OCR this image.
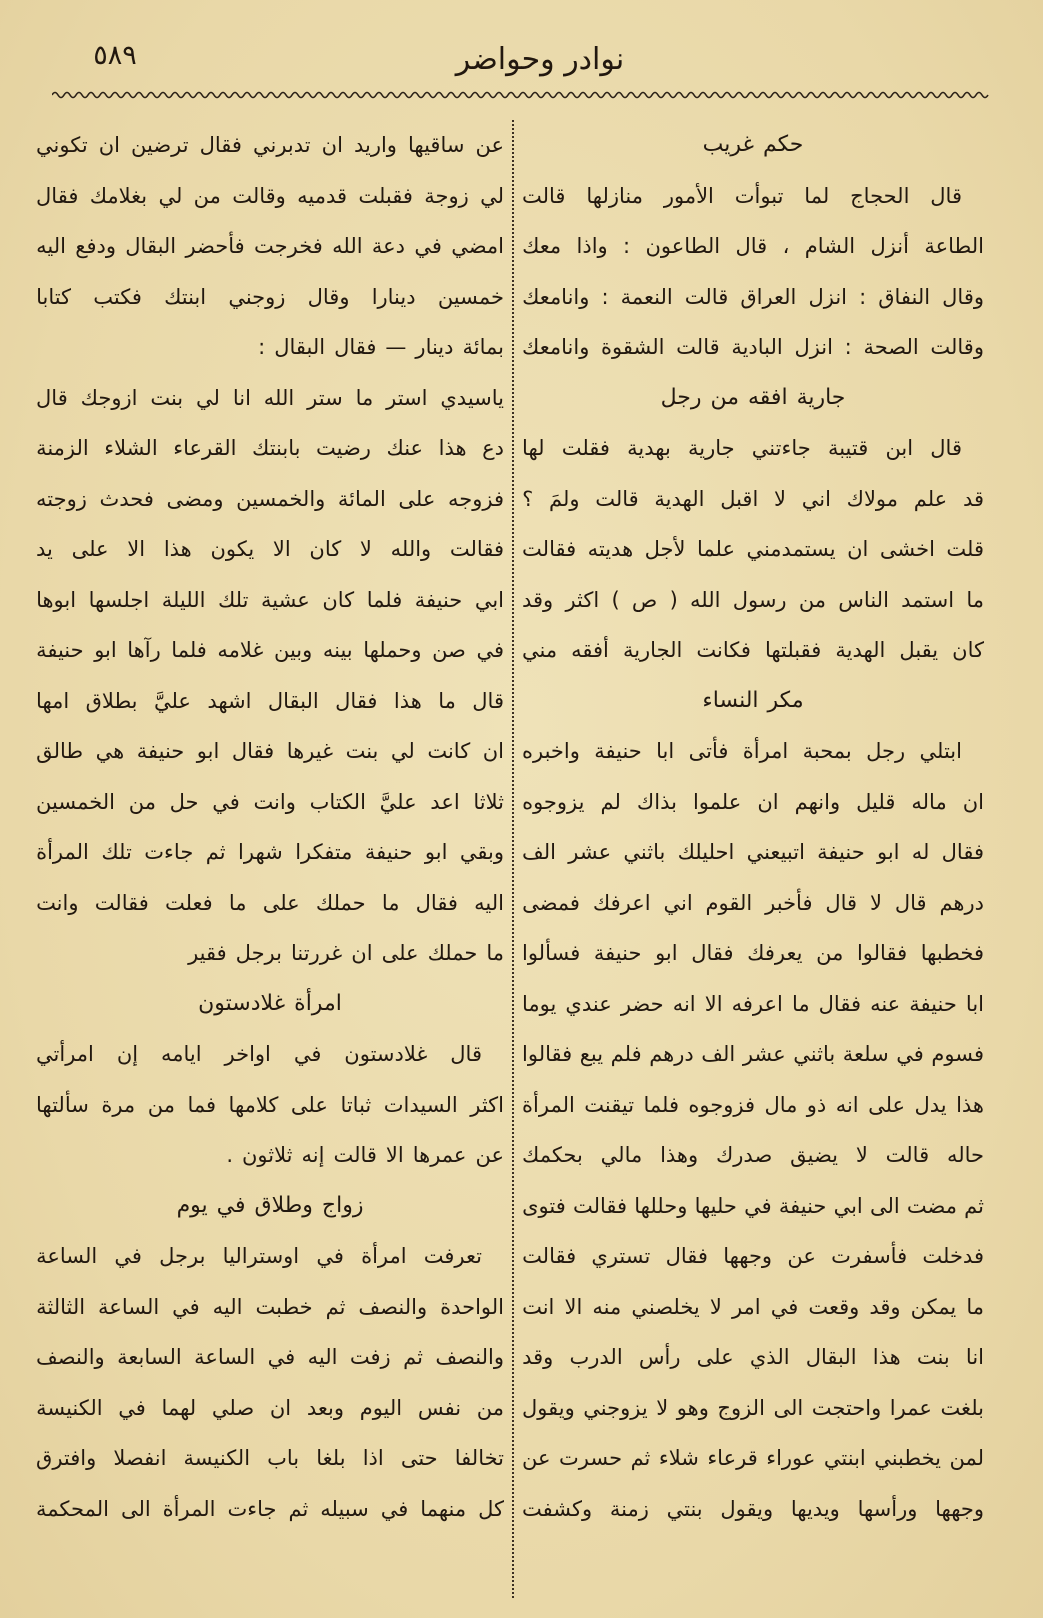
٥٨٩	نوادر وحواضر
حكم
غريب
قال
الحجاج
لما
تبوأت
الأمور
منازلها
قالت
الطاعة
أنزل
الشام
،
قال
الطاعون
:
واذا
معك
وقال
النفاق
:
انزل
العراق
قالت
النعمة
:
وانامعك
وقالت
الصحة
:
انزل
البادية
قالت
الشقوة
وانامعك
جارية
افقه
من
رجل
قال
ابن
قتيبة
جاءتني
جارية
بهدية
فقلت
لها
قد
علم
مولاك
اني
لا
اقبل
الهدية
قالت
ولمَ
؟
قلت
اخشى
ان
يستمدمني
علما
لأجل
هديته
فقالت
ما
استمد
الناس
من
رسول
الله
(
ص
)
اكثر
وقد
كان
يقبل
الهدية
فقبلتها
فكانت
الجارية
أفقه
مني
مكر
النساء
ابتلي
رجل
بمحبة
امرأة
فأتى
ابا
حنيفة
واخبره
ان
ماله
قليل
وانهم
ان
علموا
بذاك
لم
يزوجوه
فقال
له
ابو
حنيفة
اتبيعني
احليلك
باثني
عشر
الف
درهم
قال
لا
قال
فأخبر
القوم
اني
اعرفك
فمضى
فخطبها
فقالوا
من
يعرفك
فقال
ابو
حنيفة
فسألوا
ابا
حنيفة
عنه
فقال
ما
اعرفه
الا
انه
حضر
عندي
يوما
فسوم
في
سلعة
باثني
عشر
الف
درهم
فلم
يبع
فقالوا
هذا
يدل
على
انه
ذو
مال
فزوجوه
فلما
تيقنت
المرأة
حاله
قالت
لا
يضيق
صدرك
وهذا
مالي
بحكمك
ثم
مضت
الى
ابي
حنيفة
في
حليها
وحللها
فقالت
فتوى
فدخلت
فأسفرت
عن
وجهها
فقال
تستري
فقالت
ما
يمكن
وقد
وقعت
في
امر
لا
يخلصني
منه
الا
انت
انا
بنت
هذا
البقال
الذي
على
رأس
الدرب
وقد
بلغت
عمرا
واحتجت
الى
الزوج
وهو
لا
يزوجني
ويقول
لمن
يخطبني
ابنتي
عوراء
قرعاء
شلاء
ثم
حسرت
عن
وجهها
ورأسها
ويديها
ويقول
بنتي
زمنة
وكشفت
عن
ساقيها
واريد
ان
تدبرني
فقال
ترضين
ان
تكوني
لي
زوجة
فقبلت
قدميه
وقالت
من
لي
بغلامك
فقال
امضي
في
دعة
الله
فخرجت
فأحضر
البقال
ودفع
اليه
خمسين
دينارا
وقال
زوجني
ابنتك
فكتب
كتابا
بمائة
دينار
—
فقال
البقال
:
ياسيدي
استر
ما
ستر
الله
انا
لي
بنت
ازوجك
قال
دع
هذا
عنك
رضيت
بابنتك
القرعاء
الشلاء
الزمنة
فزوجه
على
المائة
والخمسين
ومضى
فحدث
زوجته
فقالت
والله
لا
كان
الا
يكون
هذا
الا
على
يد
ابي
حنيفة
فلما
كان
عشية
تلك
الليلة
اجلسها
ابوها
في
صن
وحملها
بينه
وبين
غلامه
فلما
رآها
ابو
حنيفة
قال
ما
هذا
فقال
البقال
اشهد
عليَّ
بطلاق
امها
ان
كانت
لي
بنت
غيرها
فقال
ابو
حنيفة
هي
طالق
ثلاثا
اعد
عليَّ
الكتاب
وانت
في
حل
من
الخمسين
وبقي
ابو
حنيفة
متفكرا
شهرا
ثم
جاءت
تلك
المرأة
اليه
فقال
ما
حملك
على
ما
فعلت
فقالت
وانت
ما
حملك
على
ان
غررتنا
برجل
فقير
امرأة
غلادستون
قال
غلادستون
في
اواخر
ايامه
إن
امرأتي
اكثر
السيدات
ثباتا
على
كلامها
فما
من
مرة
سألتها
عن
عمرها
الا
قالت
إنه
ثلاثون
.
زواج
وطلاق
في
يوم
تعرفت
امرأة
في
اوستراليا
برجل
في
الساعة
الواحدة
والنصف
ثم
خطبت
اليه
في
الساعة
الثالثة
والنصف
ثم
زفت
اليه
في
الساعة
السابعة
والنصف
من
نفس
اليوم
وبعد
ان
صلي
لهما
في
الكنيسة
تخالفا
حتى
اذا
بلغا
باب
الكنيسة
انفصلا
وافترق
كل
منهما
في
سبيله
ثم
جاءت
المرأة
الى
المحكمة
